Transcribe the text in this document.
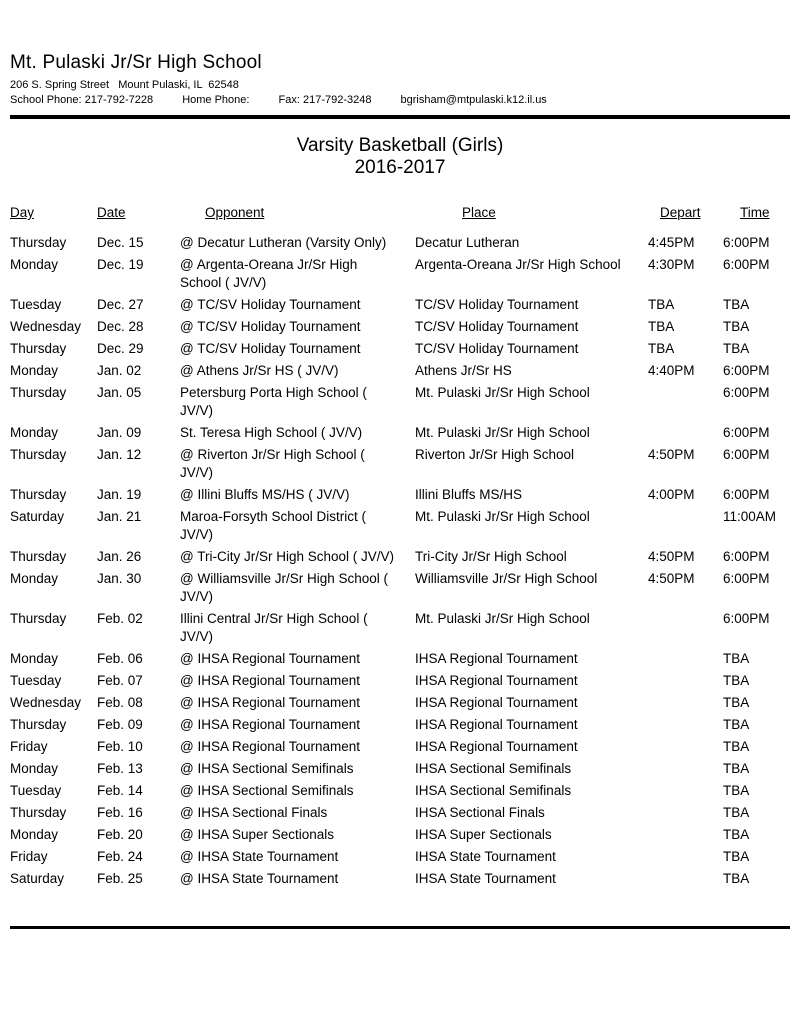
Mt. Pulaski Jr/Sr High School
206 S. Spring Street   Mount Pulaski, IL  62548
School Phone: 217-792-7228	Home Phone:	Fax: 217-792-3248	bgrisham@mtpulaski.k12.il.us
Varsity Basketball (Girls)
2016-2017
Day	Date	Opponent	Place	Depart	Time
Thursday	Dec. 15	@ Decatur Lutheran (Varsity Only)	Decatur Lutheran	4:45PM	6:00PM
Monday	Dec. 19	@ Argenta-Oreana Jr/Sr High School ( JV/V)	Argenta-Oreana Jr/Sr High School	4:30PM	6:00PM
Tuesday	Dec. 27	@ TC/SV Holiday Tournament	TC/SV Holiday Tournament	TBA	TBA
Wednesday	Dec. 28	@ TC/SV Holiday Tournament	TC/SV Holiday Tournament	TBA	TBA
Thursday	Dec. 29	@ TC/SV Holiday Tournament	TC/SV Holiday Tournament	TBA	TBA
Monday	Jan. 02	@ Athens Jr/Sr HS ( JV/V)	Athens Jr/Sr HS	4:40PM	6:00PM
Thursday	Jan. 05	Petersburg Porta High School ( JV/V)	Mt. Pulaski Jr/Sr High School		6:00PM
Monday	Jan. 09	St. Teresa High School ( JV/V)	Mt. Pulaski Jr/Sr High School		6:00PM
Thursday	Jan. 12	@ Riverton Jr/Sr High School ( JV/V)	Riverton Jr/Sr High School	4:50PM	6:00PM
Thursday	Jan. 19	@ Illini Bluffs MS/HS ( JV/V)	Illini Bluffs MS/HS	4:00PM	6:00PM
Saturday	Jan. 21	Maroa-Forsyth School District ( JV/V)	Mt. Pulaski Jr/Sr High School		11:00AM
Thursday	Jan. 26	@ Tri-City Jr/Sr High School ( JV/V)	Tri-City Jr/Sr High School	4:50PM	6:00PM
Monday	Jan. 30	@ Williamsville Jr/Sr High School ( JV/V)	Williamsville Jr/Sr High School	4:50PM	6:00PM
Thursday	Feb. 02	Illini Central Jr/Sr High School ( JV/V)	Mt. Pulaski Jr/Sr High School		6:00PM
Monday	Feb. 06	@ IHSA Regional Tournament	IHSA Regional Tournament		TBA
Tuesday	Feb. 07	@ IHSA Regional Tournament	IHSA Regional Tournament		TBA
Wednesday	Feb. 08	@ IHSA Regional Tournament	IHSA Regional Tournament		TBA
Thursday	Feb. 09	@ IHSA Regional Tournament	IHSA Regional Tournament		TBA
Friday	Feb. 10	@ IHSA Regional Tournament	IHSA Regional Tournament		TBA
Monday	Feb. 13	@ IHSA Sectional Semifinals	IHSA Sectional Semifinals		TBA
Tuesday	Feb. 14	@ IHSA Sectional Semifinals	IHSA Sectional Semifinals		TBA
Thursday	Feb. 16	@ IHSA Sectional Finals	IHSA Sectional Finals		TBA
Monday	Feb. 20	@ IHSA Super Sectionals	IHSA Super Sectionals		TBA
Friday	Feb. 24	@ IHSA State Tournament	IHSA State Tournament		TBA
Saturday	Feb. 25	@ IHSA State Tournament	IHSA State Tournament		TBA
